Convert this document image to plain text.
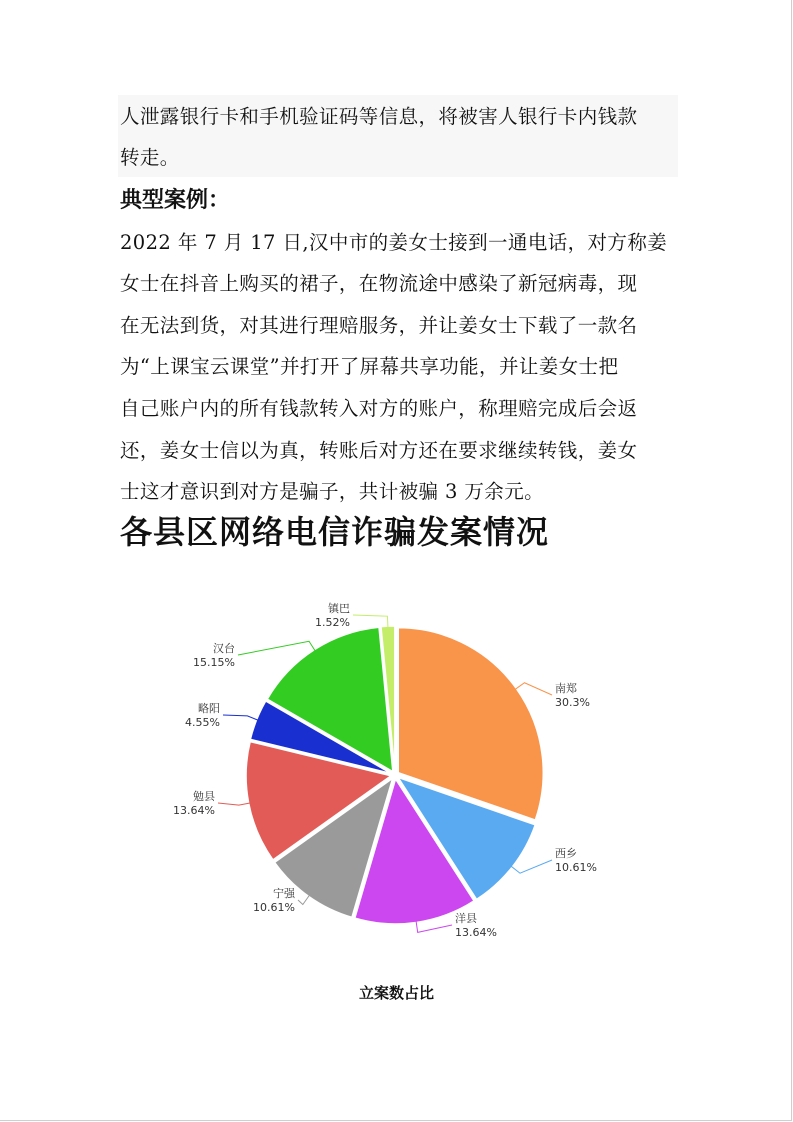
人泄露银行卡和手机验证码等信息，将被害人银行卡内钱款
转走。
典型案例：
2022 年 7 月 17 日,汉中市的姜女士接到一通电话，对方称姜
女士在抖音上购买的裙子，在物流途中感染了新冠病毒，现
在无法到货，对其进行理赔服务，并让姜女士下载了一款名
为“上课宝云课堂”并打开了屏幕共享功能，并让姜女士把
自己账户内的所有钱款转入对方的账户，称理赔完成后会返
还，姜女士信以为真，转账后对方还在要求继续转钱，姜女
士这才意识到对方是骗子，共计被骗 3 万余元。
各县区网络电信诈骗发案情况
南郑
30.3%
西乡
10.61%
洋县
13.64%
宁强
10.61%
勉县
13.64%
略阳
4.55%
汉台
15.15%
镇巴
1.52%
立案数占比
